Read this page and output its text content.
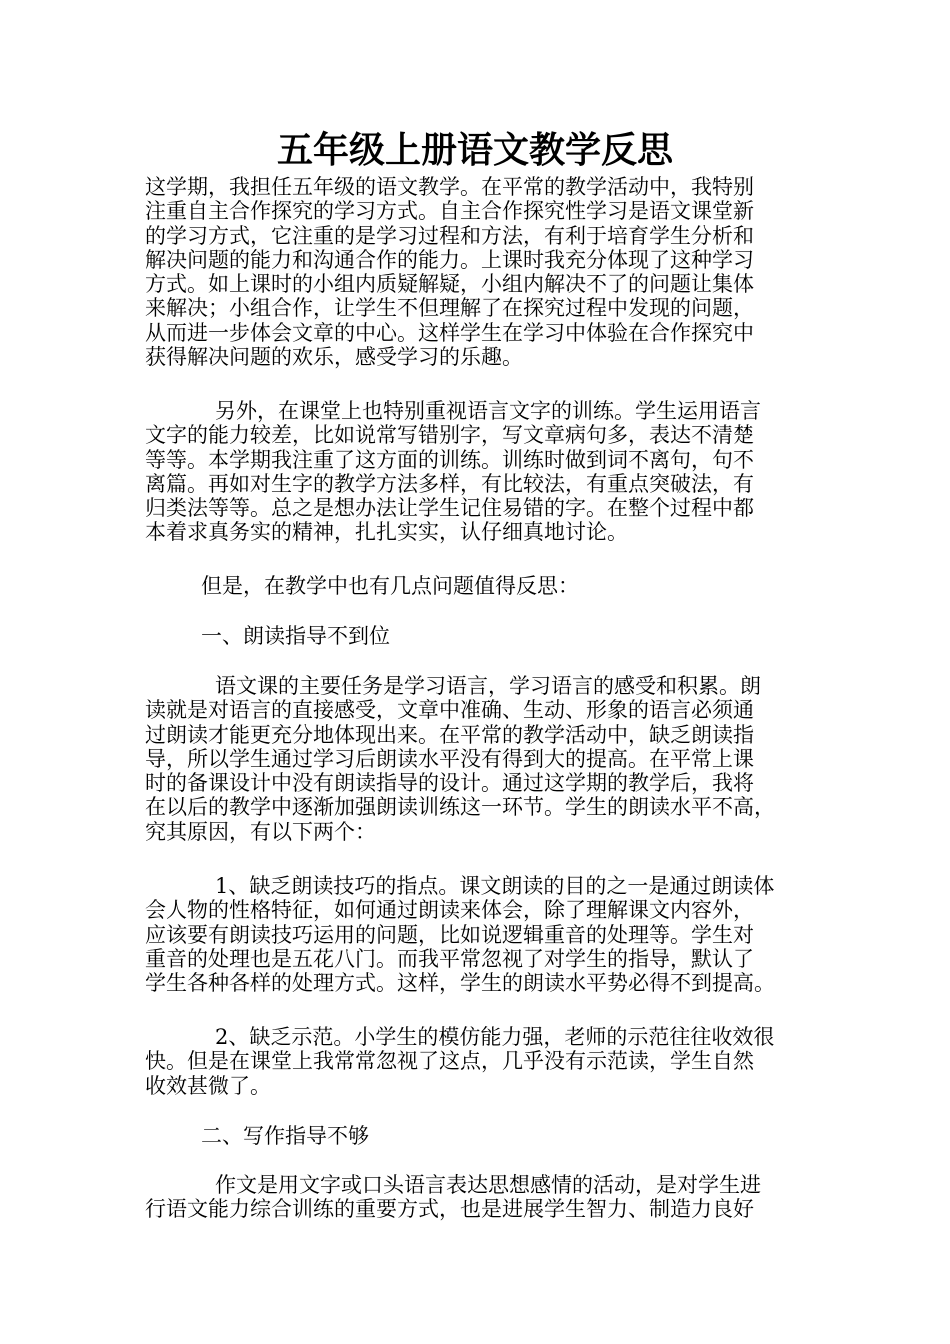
五年级上册语文教学反思
这学期，我担任五年级的语文教学。在平常的教学活动中，我特别
注重自主合作探究的学习方式。自主合作探究性学习是语文课堂新
的学习方式，它注重的是学习过程和方法，有利于培育学生分析和
解决问题的能力和沟通合作的能力。上课时我充分体现了这种学习
方式。如上课时的小组内质疑解疑，小组内解决不了的问题让集体
来解决；小组合作，让学生不但理解了在探究过程中发现的问题，
从而进一步体会文章的中心。这样学生在学习中体验在合作探究中
获得解决问题的欢乐，感受学习的乐趣。
另外，在课堂上也特别重视语言文字的训练。学生运用语言
文字的能力较差，比如说常写错别字，写文章病句多，表达不清楚
等等。本学期我注重了这方面的训练。训练时做到词不离句，句不
离篇。再如对生字的教学方法多样，有比较法，有重点突破法，有
归类法等等。总之是想办法让学生记住易错的字。在整个过程中都
本着求真务实的精神，扎扎实实，认仔细真地讨论。
但是，在教学中也有几点问题值得反思：
一、朗读指导不到位
语文课的主要任务是学习语言，学习语言的感受和积累。朗
读就是对语言的直接感受，文章中准确、生动、形象的语言必须通
过朗读才能更充分地体现出来。在平常的教学活动中，缺乏朗读指
导，所以学生通过学习后朗读水平没有得到大的提高。在平常上课
时的备课设计中没有朗读指导的设计。通过这学期的教学后，我将
在以后的教学中逐渐加强朗读训练这一环节。学生的朗读水平不高，
究其原因，有以下两个：
1、缺乏朗读技巧的指点。课文朗读的目的之一是通过朗读体
会人物的性格特征，如何通过朗读来体会，除了理解课文内容外，
应该要有朗读技巧运用的问题，比如说逻辑重音的处理等。学生对
重音的处理也是五花八门。而我平常忽视了对学生的指导，默认了
学生各种各样的处理方式。这样，学生的朗读水平势必得不到提高。
2、缺乏示范。小学生的模仿能力强，老师的示范往往收效很
快。但是在课堂上我常常忽视了这点，几乎没有示范读，学生自然
收效甚微了。
二、写作指导不够
作文是用文字或口头语言表达思想感情的活动，是对学生进
行语文能力综合训练的重要方式，也是进展学生智力、制造力良好
